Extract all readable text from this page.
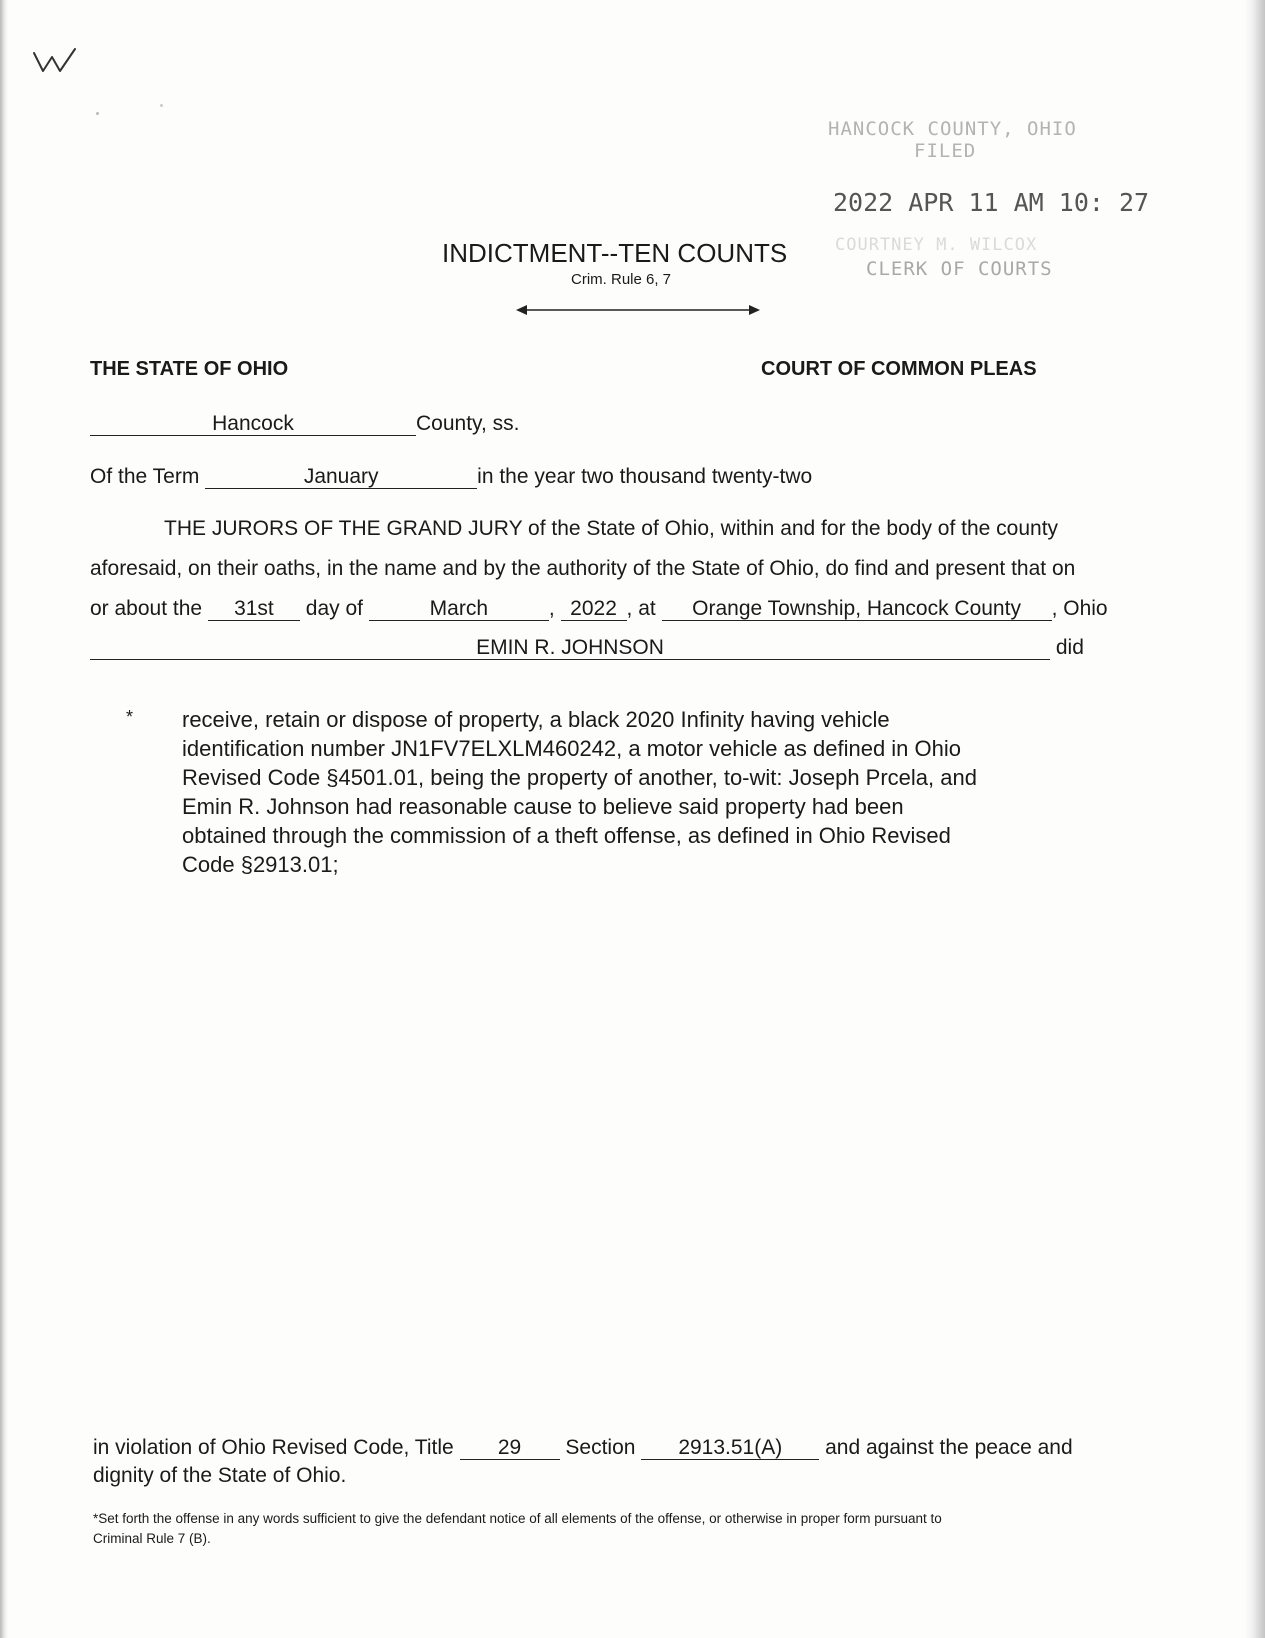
HANCOCK COUNTY, OHIO
FILED
2022 APR 11 AM 10: 27
COURTNEY M. WILCOX
CLERK OF COURTS
INDICTMENT--TEN COUNTS
Crim. Rule 6, 7
THE STATE OF OHIO	COURT OF COMMON PLEAS
Hancock	County, ss.
Of the Term	January	in the year two thousand twenty-two
THE JURORS OF THE GRAND JURY of the State of Ohio, within and for the body of the county
aforesaid, on their oaths, in the name and by the authority of the State of Ohio, do find and present that on
or about the 31st day of	March	, 2022 , at Orange Township, Hancock County , Ohio
EMIN R. JOHNSON	did
* receive, retain or dispose of property, a black 2020 Infinity having vehicle
identification number JN1FV7ELXLM460242, a motor vehicle as defined in Ohio
Revised Code §4501.01, being the property of another, to-wit: Joseph Prcela, and
Emin R. Johnson had reasonable cause to believe said property had been
obtained through the commission of a theft offense, as defined in Ohio Revised
Code §2913.01;
in violation of Ohio Revised Code, Title 29 Section 2913.51(A) and against the peace and
dignity of the State of Ohio.
*Set forth the offense in any words sufficient to give the defendant notice of all elements of the offense, or otherwise in proper form pursuant to
Criminal Rule 7 (B).
